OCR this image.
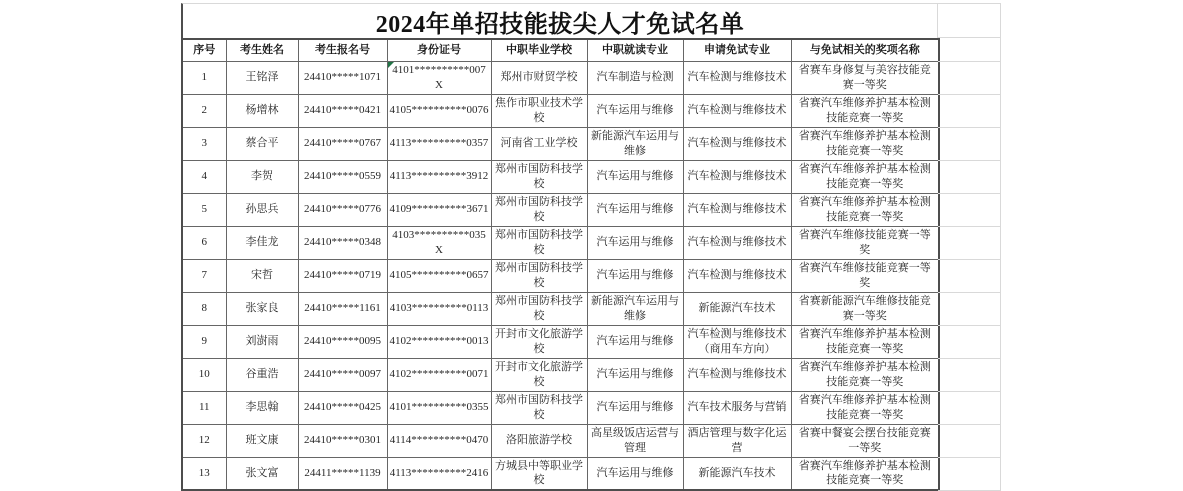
2024年单招技能拔尖人才免试名单
序号	考生姓名	考生报名号	身份证号	中职毕业学校	中职就读专业	申请免试专业	与免试相关的奖项名称
1	王铭泽	24410*****1071	4101**********007X	郑州市财贸学校	汽车制造与检测	汽车检测与维修技术	省赛车身修复与美容技能竞赛一等奖
2	杨增林	24410*****0421	4105**********0076	焦作市职业技术学校	汽车运用与维修	汽车检测与维修技术	省赛汽车维修养护基本检测技能竞赛一等奖
3	蔡合平	24410*****0767	4113**********0357	河南省工业学校	新能源汽车运用与维修	汽车检测与维修技术	省赛汽车维修养护基本检测技能竞赛一等奖
4	李贺	24410*****0559	4113**********3912	郑州市国防科技学校	汽车运用与维修	汽车检测与维修技术	省赛汽车维修养护基本检测技能竞赛一等奖
5	孙思兵	24410*****0776	4109**********3671	郑州市国防科技学校	汽车运用与维修	汽车检测与维修技术	省赛汽车维修养护基本检测技能竞赛一等奖
6	李佳龙	24410*****0348	4103**********035X	郑州市国防科技学校	汽车运用与维修	汽车检测与维修技术	省赛汽车维修技能竞赛一等奖
7	宋哲	24410*****0719	4105**********0657	郑州市国防科技学校	汽车运用与维修	汽车检测与维修技术	省赛汽车维修技能竞赛一等奖
8	张家良	24410*****1161	4103**********0113	郑州市国防科技学校	新能源汽车运用与维修	新能源汽车技术	省赛新能源汽车维修技能竞赛一等奖
9	刘澍雨	24410*****0095	4102**********0013	开封市文化旅游学校	汽车运用与维修	汽车检测与维修技术（商用车方向）	省赛汽车维修养护基本检测技能竞赛一等奖
10	谷重浩	24410*****0097	4102**********0071	开封市文化旅游学校	汽车运用与维修	汽车检测与维修技术	省赛汽车维修养护基本检测技能竞赛一等奖
11	李思翰	24410*****0425	4101**********0355	郑州市国防科技学校	汽车运用与维修	汽车技术服务与营销	省赛汽车维修养护基本检测技能竞赛一等奖
12	班文康	24410*****0301	4114**********0470	洛阳旅游学校	高星级饭店运营与管理	酒店管理与数字化运营	省赛中餐宴会摆台技能竞赛一等奖
13	张文富	24411*****1139	4113**********2416	方城县中等职业学校	汽车运用与维修	新能源汽车技术	省赛汽车维修养护基本检测技能竞赛一等奖
